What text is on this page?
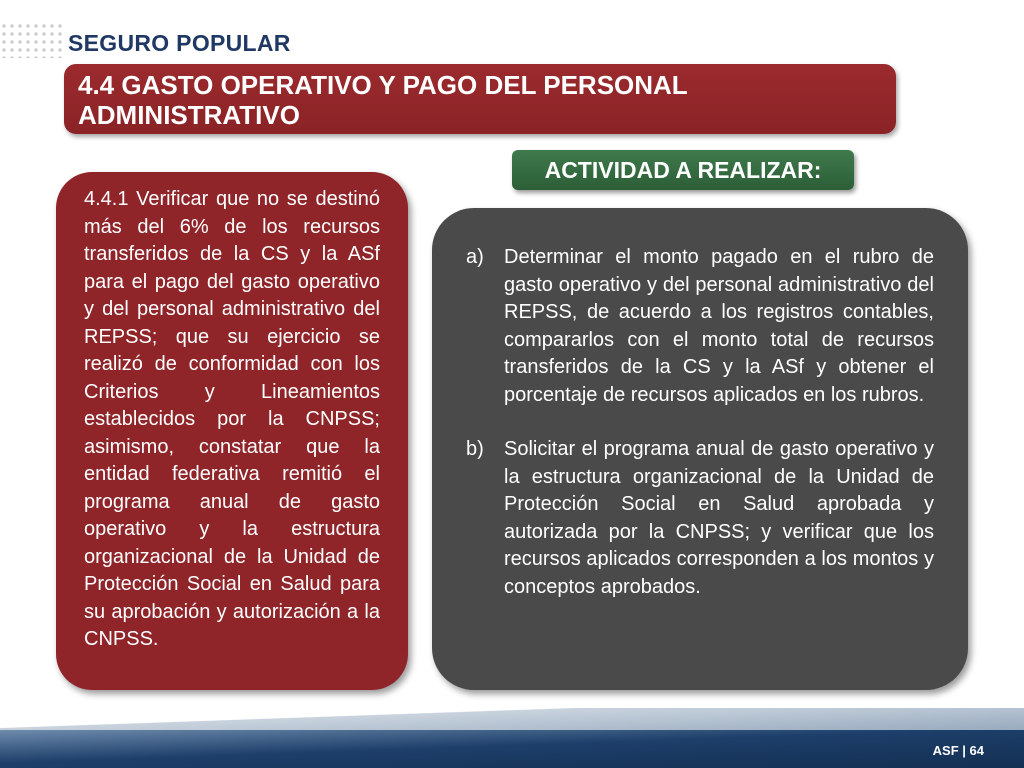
SEGURO POPULAR
4.4 GASTO OPERATIVO Y PAGO DEL PERSONAL
ADMINISTRATIVO
ACTIVIDAD A REALIZAR:
4.4.1 Verificar que no se destinó más del 6% de los recursos transferidos de la CS y la ASf para el pago del gasto operativo y del personal administrativo del REPSS; que su ejercicio se realizó de conformidad con los Criterios y Lineamientos establecidos por la CNPSS; asimismo, constatar que la entidad federativa remitió el programa anual de gasto operativo y la estructura organizacional de la Unidad de Protección Social en Salud para su aprobación y autorización a la CNPSS.
a)	Determinar el monto pagado en el rubro de gasto operativo y del personal administrativo del REPSS, de acuerdo a los registros contables, compararlos con el monto total de recursos transferidos de la CS y la ASf y obtener el porcentaje de recursos aplicados en los rubros.
b)	Solicitar el programa anual de gasto operativo y la estructura organizacional de la Unidad de Protección Social en Salud aprobada y autorizada por la CNPSS; y verificar que los recursos aplicados corresponden a los montos y conceptos aprobados.
ASF | 64
